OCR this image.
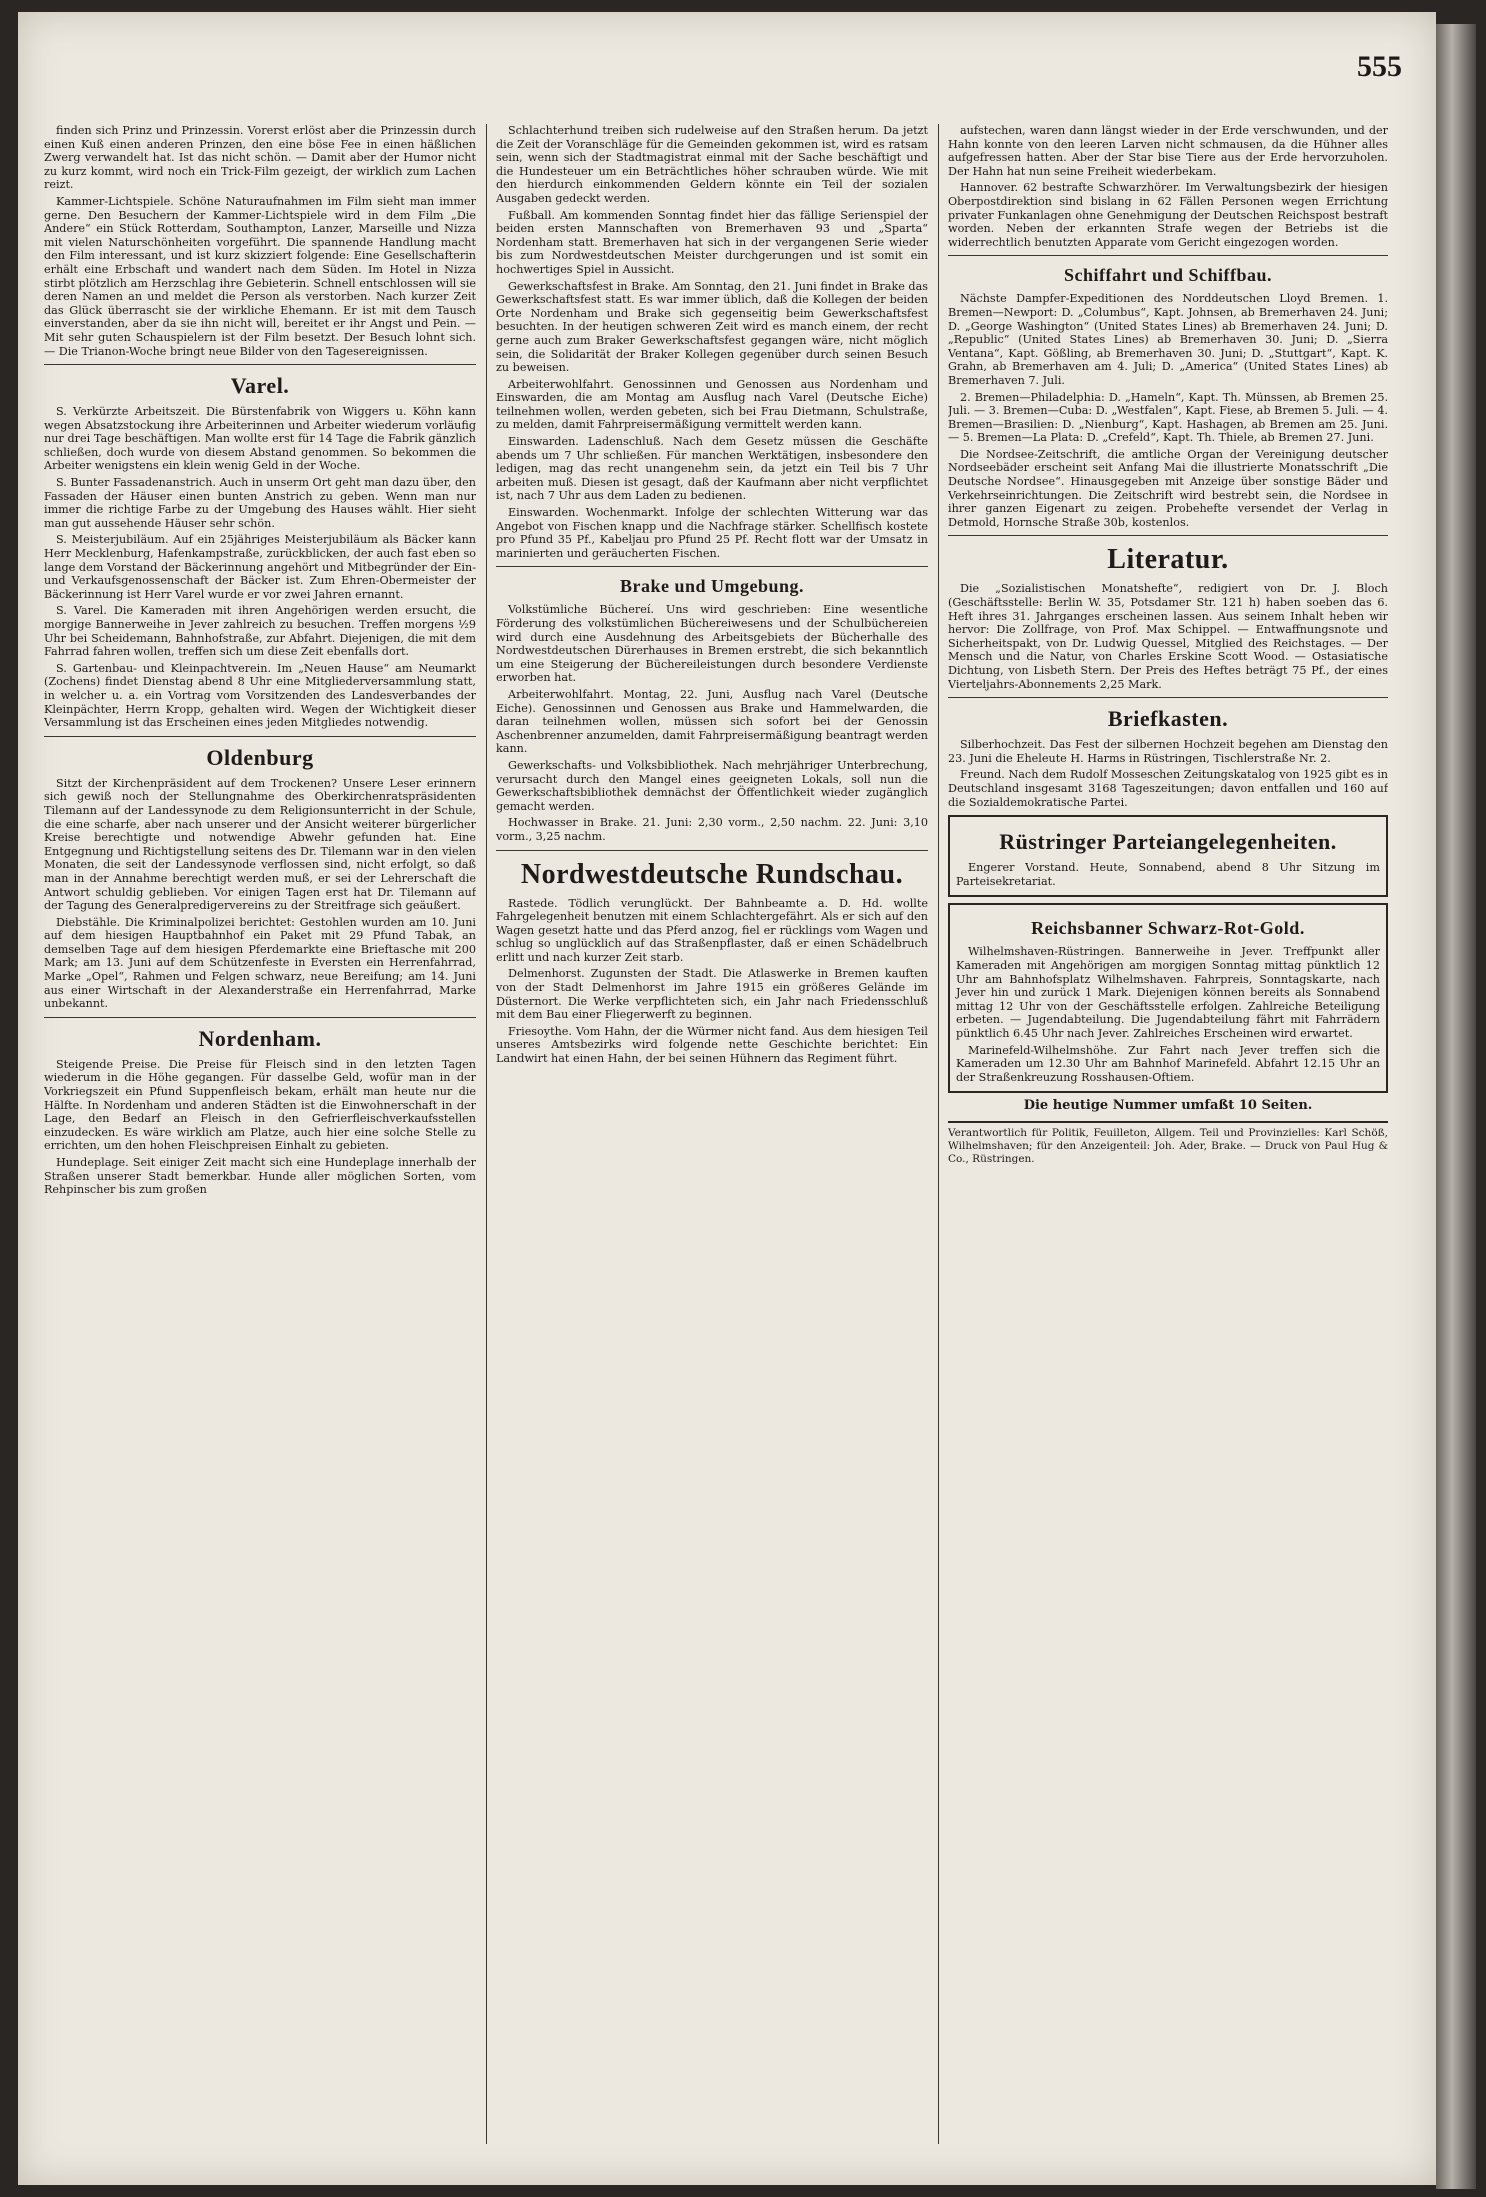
555

finden sich Prinz und Prinzessin. Vorerst erlöst aber die Prinzessin durch einen Kuß einen anderen Prinzen, den eine böse Fee in einen häßlichen Zwerg verwandelt hat. Ist das nicht schön. — Damit aber der Humor nicht zu kurz kommt, wird noch ein Trick-Film gezeigt, der wirklich zum Lachen reizt.

Kammer-Lichtspiele. Schöne Naturaufnahmen im Film sieht man immer gerne. Den Besuchern der Kammer-Lichtspiele wird in dem Film „Die Andere“ ein Stück Rotterdam, Southampton, Lanzer, Marseille und Nizza mit vielen Naturschönheiten vorgeführt. Die spannende Handlung macht den Film interessant, und ist kurz skizziert folgende: Eine Gesellschafterin erhält eine Erbschaft und wandert nach dem Süden. Im Hotel in Nizza stirbt plötzlich am Herzschlag ihre Gebieterin. Schnell entschlossen will sie deren Namen an und meldet die Person als verstorben. Nach kurzer Zeit das Glück überrascht sie der wirkliche Ehemann. Er ist mit dem Tausch einverstanden, aber da sie ihn nicht will, bereitet er ihr Angst und Pein. — Mit sehr guten Schauspielern ist der Film besetzt. Der Besuch lohnt sich. — Die Trianon-Woche bringt neue Bilder von den Tagesereignissen.

Varel.

S. Verkürzte Arbeitszeit. Die Bürstenfabrik von Wiggers u. Köhn kann wegen Absatzstockung ihre Arbeiterinnen und Arbeiter wiederum vorläufig nur drei Tage beschäftigen. Man wollte erst für 14 Tage die Fabrik gänzlich schließen, doch wurde von diesem Abstand genommen. So bekommen die Arbeiter wenigstens ein klein wenig Geld in der Woche.

S. Bunter Fassadenanstrich. Auch in unserm Ort geht man dazu über, den Fassaden der Häuser einen bunten Anstrich zu geben. Wenn man nur immer die richtige Farbe zu der Umgebung des Hauses wählt. Hier sieht man gut aussehende Häuser sehr schön.

S. Meisterjubiläum. Auf ein 25jähriges Meisterjubiläum als Bäcker kann Herr Mecklenburg, Hafenkampstraße, zurückblicken, der auch fast eben so lange dem Vorstand der Bäckerinnung angehört und Mitbegründer der Ein- und Verkaufsgenossenschaft der Bäcker ist. Zum Ehren-Obermeister der Bäckerinnung ist Herr Varel wurde er vor zwei Jahren ernannt.

S. Varel. Die Kameraden mit ihren Angehörigen werden ersucht, die morgige Bannerweihe in Jever zahlreich zu besuchen. Treffen morgens ½9 Uhr bei Scheidemann, Bahnhofstraße, zur Abfahrt. Diejenigen, die mit dem Fahrrad fahren wollen, treffen sich um diese Zeit ebenfalls dort.

S. Gartenbau- und Kleinpachtverein. Im „Neuen Hause“ am Neumarkt (Zochens) findet Dienstag abend 8 Uhr eine Mitgliederversammlung statt, in welcher u. a. ein Vortrag vom Vorsitzenden des Landesverbandes der Kleinpächter, Herrn Kropp, gehalten wird. Wegen der Wichtigkeit dieser Versammlung ist das Erscheinen eines jeden Mitgliedes notwendig.

Oldenburg

Sitzt der Kirchenpräsident auf dem Trockenen? Unsere Leser erinnern sich gewiß noch der Stellungnahme des Oberkirchenratspräsidenten Tilemann auf der Landessynode zu dem Religionsunterricht in der Schule, die eine scharfe, aber nach unserer und der Ansicht weiterer bürgerlicher Kreise berechtigte und notwendige Abwehr gefunden hat. Eine Entgegnung und Richtigstellung seitens des Dr. Tilemann war in den vielen Monaten, die seit der Landessynode verflossen sind, nicht erfolgt, so daß man in der Annahme berechtigt werden muß, er sei der Lehrerschaft die Antwort schuldig geblieben. Vor einigen Tagen erst hat Dr. Tilemann auf der Tagung des Generalpredigervereins zu der Streitfrage sich geäußert.

Diebstähle. Die Kriminalpolizei berichtet: Gestohlen wurden am 10. Juni auf dem hiesigen Hauptbahnhof ein Paket mit 29 Pfund Tabak, an demselben Tage auf dem hiesigen Pferdemarkte eine Brieftasche mit 200 Mark; am 13. Juni auf dem Schützenfeste in Eversten ein Herrenfahrrad, Marke „Opel“, Rahmen und Felgen schwarz, neue Bereifung; am 14. Juni aus einer Wirtschaft in der Alexanderstraße ein Herrenfahrrad, Marke unbekannt.

Nordenham.

Steigende Preise. Die Preise für Fleisch sind in den letzten Tagen wiederum in die Höhe gegangen. Für dasselbe Geld, wofür man in der Vorkriegszeit ein Pfund Suppenfleisch bekam, erhält man heute nur die Hälfte. In Nordenham und anderen Städten ist die Einwohnerschaft in der Lage, den Bedarf an Fleisch in den Gefrierfleischverkaufsstellen einzudecken. Es wäre wirklich am Platze, auch hier eine solche Stelle zu errichten, um den hohen Fleischpreisen Einhalt zu gebieten.

Hundeplage. Seit einiger Zeit macht sich eine Hundeplage innerhalb der Straßen unserer Stadt bemerkbar. Hunde aller möglichen Sorten, vom Rehpinscher bis zum großen

Schlachterhund treiben sich rudelweise auf den Straßen herum. Da jetzt die Zeit der Voranschläge für die Gemeinden gekommen ist, wird es ratsam sein, wenn sich der Stadtmagistrat einmal mit der Sache beschäftigt und die Hundesteuer um ein Beträchtliches höher schrauben würde. Wie mit den hierdurch einkommenden Geldern könnte ein Teil der sozialen Ausgaben gedeckt werden.

Fußball. Am kommenden Sonntag findet hier das fällige Serienspiel der beiden ersten Mannschaften von Bremerhaven 93 und „Sparta“ Nordenham statt. Bremerhaven hat sich in der vergangenen Serie wieder bis zum Nordwestdeutschen Meister durchgerungen und ist somit ein hochwertiges Spiel in Aussicht.

Gewerkschaftsfest in Brake. Am Sonntag, den 21. Juni findet in Brake das Gewerkschaftsfest statt. Es war immer üblich, daß die Kollegen der beiden Orte Nordenham und Brake sich gegenseitig beim Gewerkschaftsfest besuchten. In der heutigen schweren Zeit wird es manch einem, der recht gerne auch zum Braker Gewerkschaftsfest gegangen wäre, nicht möglich sein, die Solidarität der Braker Kollegen gegenüber durch seinen Besuch zu beweisen.

Arbeiterwohlfahrt. Genossinnen und Genossen aus Nordenham und Einswarden, die am Montag am Ausflug nach Varel (Deutsche Eiche) teilnehmen wollen, werden gebeten, sich bei Frau Dietmann, Schulstraße, zu melden, damit Fahrpreisermäßigung vermittelt werden kann.

Einswarden. Ladenschluß. Nach dem Gesetz müssen die Geschäfte abends um 7 Uhr schließen. Für manchen Werktätigen, insbesondere den ledigen, mag das recht unangenehm sein, da jetzt ein Teil bis 7 Uhr arbeiten muß. Diesen ist gesagt, daß der Kaufmann aber nicht verpflichtet ist, nach 7 Uhr aus dem Laden zu bedienen.

Einswarden. Wochenmarkt. Infolge der schlechten Witterung war das Angebot von Fischen knapp und die Nachfrage stärker. Schellfisch kostete pro Pfund 35 Pf., Kabeljau pro Pfund 25 Pf. Recht flott war der Umsatz in marinierten und geräucherten Fischen.

Brake und Umgebung.

Volkstümliche Büchereí. Uns wird geschrieben: Eine wesentliche Förderung des volkstümlichen Büchereiwesens und der Schulbüchereien wird durch eine Ausdehnung des Arbeitsgebiets der Bücherhalle des Nordwestdeutschen Dürerhauses in Bremen erstrebt, die sich bekanntlich um eine Steigerung der Büchereileistungen durch besondere Verdienste erworben hat.

Arbeiterwohlfahrt. Montag, 22. Juni, Ausflug nach Varel (Deutsche Eiche). Genossinnen und Genossen aus Brake und Hammelwarden, die daran teilnehmen wollen, müssen sich sofort bei der Genossin Aschenbrenner anzumelden, damit Fahrpreisermäßigung beantragt werden kann.

Gewerkschafts- und Volksbibliothek. Nach mehrjähriger Unterbrechung, verursacht durch den Mangel eines geeigneten Lokals, soll nun die Gewerkschaftsbibliothek demnächst der Öffentlichkeit wieder zugänglich gemacht werden.

Hochwasser in Brake. 21. Juni: 2,30 vorm., 2,50 nachm. 22. Juni: 3,10 vorm., 3,25 nachm.

Nordwestdeutsche Rundschau.

Rastede. Tödlich verunglückt. Der Bahnbeamte a. D. Hd. wollte Fahrgelegenheit benutzen mit einem Schlachtergefährt. Als er sich auf den Wagen gesetzt hatte und das Pferd anzog, fiel er rücklings vom Wagen und schlug so unglücklich auf das Straßenpflaster, daß er einen Schädelbruch erlitt und nach kurzer Zeit starb.

Delmenhorst. Zugunsten der Stadt. Die Atlaswerke in Bremen kauften von der Stadt Delmenhorst im Jahre 1915 ein größeres Gelände im Düsternort. Die Werke verpflichteten sich, ein Jahr nach Friedensschluß mit dem Bau einer Fliegerwerft zu beginnen.

Friesoythe. Vom Hahn, der die Würmer nicht fand. Aus dem hiesigen Teil unseres Amtsbezirks wird folgende nette Geschichte berichtet: Ein Landwirt hat einen Hahn, der bei seinen Hühnern das Regiment führt.

aufstechen, waren dann längst wieder in der Erde verschwunden, und der Hahn konnte von den leeren Larven nicht schmausen, da die Hühner alles aufgefressen hatten. Aber der Star bise Tiere aus der Erde hervorzuholen. Der Hahn hat nun seine Freiheit wiederbekam.

Hannover. 62 bestrafte Schwarzhörer. Im Verwaltungsbezirk der hiesigen Oberpostdirektion sind bislang in 62 Fällen Personen wegen Errichtung privater Funkanlagen ohne Genehmigung der Deutschen Reichspost bestraft worden. Neben der erkannten Strafe wegen der Betriebs ist die widerrechtlich benutzten Apparate vom Gericht eingezogen worden.

Schiffahrt und Schiffbau.

Nächste Dampfer-Expeditionen des Norddeutschen Lloyd Bremen. 1. Bremen—Newport: D. „Columbus“, Kapt. Johnsen, ab Bremerhaven 24. Juni; D. „George Washington“ (United States Lines) ab Bremerhaven 24. Juni; D. „Republic“ (United States Lines) ab Bremerhaven 30. Juni; D. „Sierra Ventana“, Kapt. Gößling, ab Bremerhaven 30. Juni; D. „Stuttgart“, Kapt. K. Grahn, ab Bremerhaven am 4. Juli; D. „America“ (United States Lines) ab Bremerhaven 7. Juli.

2. Bremen—Philadelphia: D. „Hameln“, Kapt. Th. Münssen, ab Bremen 25. Juli. — 3. Bremen—Cuba: D. „Westfalen“, Kapt. Fiese, ab Bremen 5. Juli. — 4. Bremen—Brasilien: D. „Nienburg“, Kapt. Hashagen, ab Bremen am 25. Juni. — 5. Bremen—La Plata: D. „Crefeld“, Kapt. Th. Thiele, ab Bremen 27. Juni.

Die Nordsee-Zeitschrift, die amtliche Organ der Vereinigung deutscher Nordseebäder erscheint seit Anfang Mai die illustrierte Monatsschrift „Die Deutsche Nordsee“. Hinausgegeben mit Anzeige über sonstige Bäder und Verkehrseinrichtungen. Die Zeitschrift wird bestrebt sein, die Nordsee in ihrer ganzen Eigenart zu zeigen. Probehefte versendet der Verlag in Detmold, Hornsche Straße 30b, kostenlos.

Literatur.

Die „Sozialistischen Monatshefte“, redigiert von Dr. J. Bloch (Geschäftsstelle: Berlin W. 35, Potsdamer Str. 121 h) haben soeben das 6. Heft ihres 31. Jahrganges erscheinen lassen. Aus seinem Inhalt heben wir hervor: Die Zollfrage, von Prof. Max Schippel. — Entwaffnungsnote und Sicherheitspakt, von Dr. Ludwig Quessel, Mitglied des Reichstages. — Der Mensch und die Natur, von Charles Erskine Scott Wood. — Ostasiatische Dichtung, von Lisbeth Stern. Der Preis des Heftes beträgt 75 Pf., der eines Vierteljahrs-Abonnements 2,25 Mark.

Briefkasten.

Silberhochzeit. Das Fest der silbernen Hochzeit begehen am Dienstag den 23. Juni die Eheleute H. Harms in Rüstringen, Tischlerstraße Nr. 2.

Freund. Nach dem Rudolf Mosseschen Zeitungskatalog von 1925 gibt es in Deutschland insgesamt 3168 Tageszeitungen; davon entfallen und 160 auf die Sozialdemokratische Partei.

Rüstringer Parteiangelegenheiten.

Engerer Vorstand. Heute, Sonnabend, abend 8 Uhr Sitzung im Parteisekretariat.

Reichsbanner Schwarz-Rot-Gold.

Wilhelmshaven-Rüstringen. Bannerweihe in Jever. Treffpunkt aller Kameraden mit Angehörigen am morgigen Sonntag mittag pünktlich 12 Uhr am Bahnhofsplatz Wilhelmshaven. Fahrpreis, Sonntagskarte, nach Jever hin und zurück 1 Mark. Diejenigen können bereits als Sonnabend mittag 12 Uhr von der Geschäftsstelle erfolgen. Zahlreiche Beteiligung erbeten. — Jugendabteilung. Die Jugendabteilung fährt mit Fahrrädern pünktlich 6.45 Uhr nach Jever. Zahlreiches Erscheinen wird erwartet.

Marinefeld-Wilhelmshöhe. Zur Fahrt nach Jever treffen sich die Kameraden um 12.30 Uhr am Bahnhof Marinefeld. Abfahrt 12.15 Uhr an der Straßenkreuzung Rosshausen-Oftiem.

Die heutige Nummer umfaßt 10 Seiten.
Verantwortlich für Politik, Feuilleton, Allgem. Teil und Provinzielles: Karl Schöß, Wilhelmshaven; für den Anzeigenteil: Joh. Ader, Brake. — Druck von Paul Hug & Co., Rüstringen.
